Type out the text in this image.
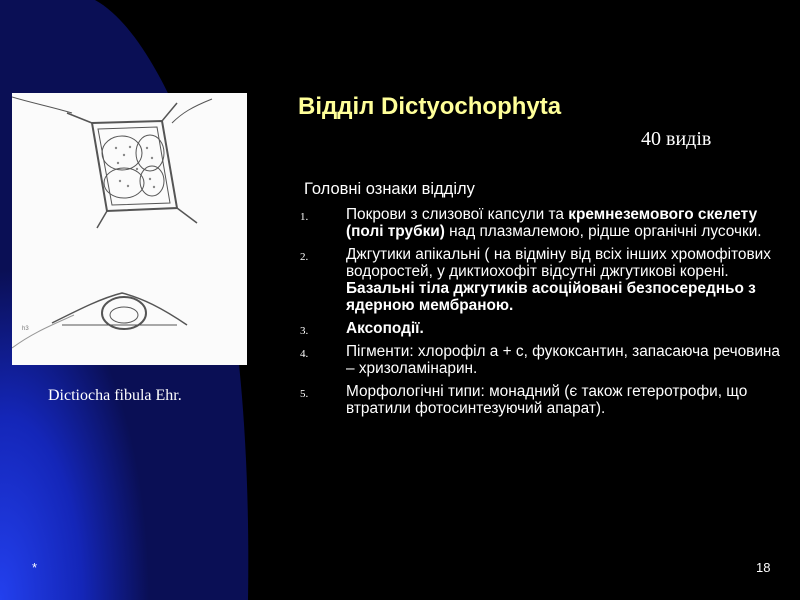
h3
Dictiocha fibula Ehr.
Відділ Dictyochophyta
40 видів
Головні ознаки відділу
1. Покрови з слизової капсули та кремнеземового скелету (полі трубки) над плазмалемою, рідше органічні лусочки.
2. Джгутики апікальні ( на відміну від всіх інших хромофітових водоростей, у диктиохофіт відсутні джгутикові корені. Базальні тіла джгутиків асоційовані безпосередньо з ядерною мембраною.
3. Аксоподії.
4. Пігменти: хлорофіл а + с, фукоксантин, запасаюча речовина – хризоламінарин.
5. Морфологічні типи: монадний (є також гетеротрофи, що втратили фотосинтезуючий апарат).
*	18
